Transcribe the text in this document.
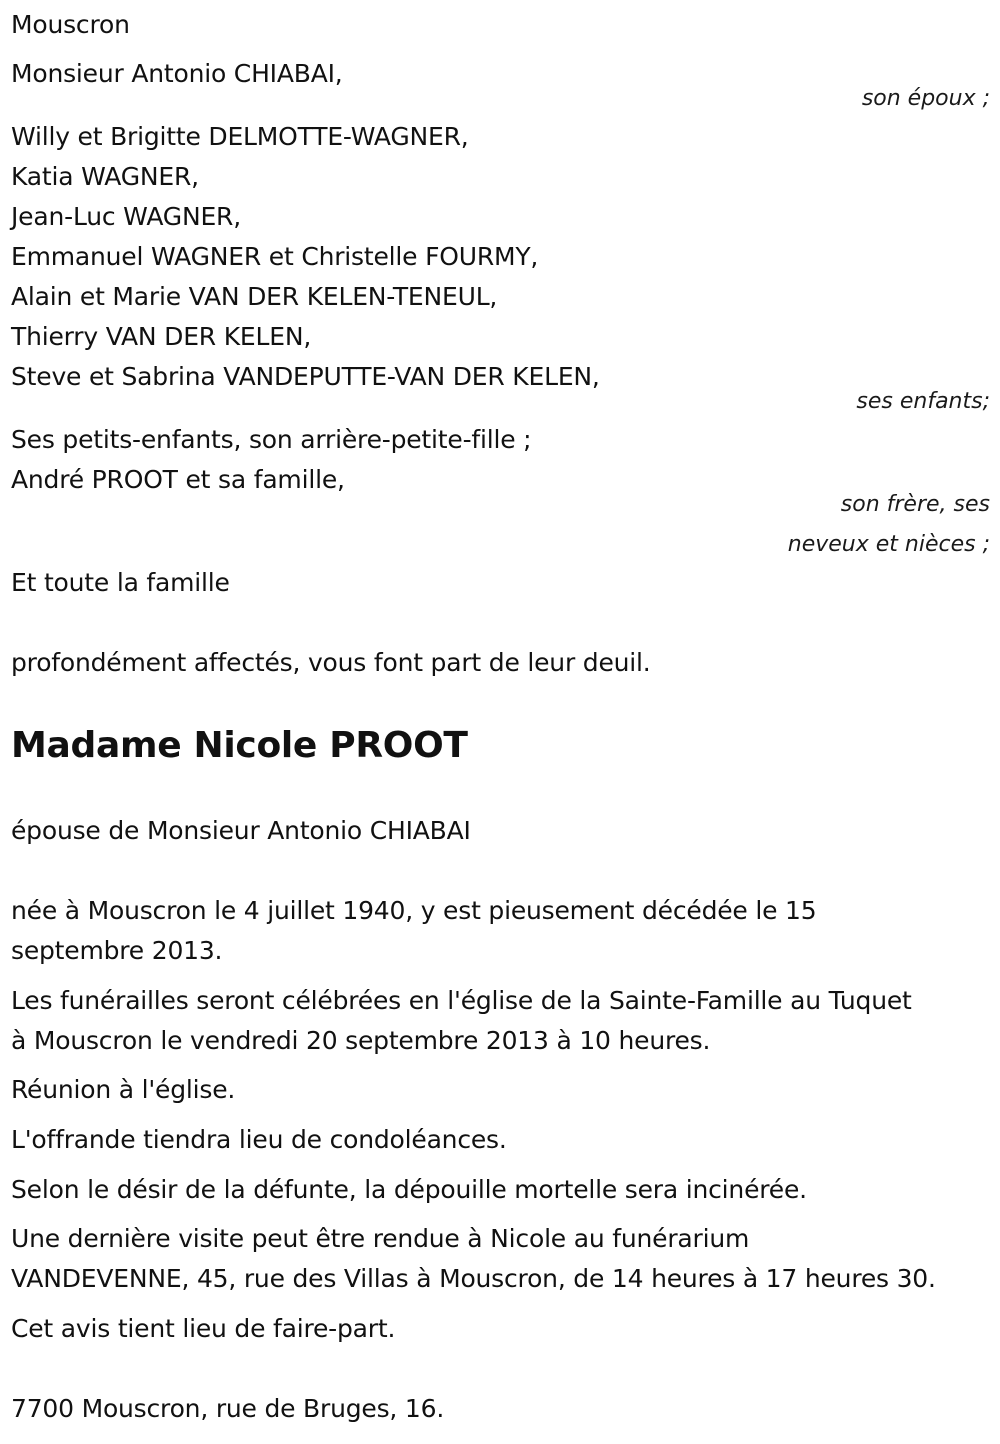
Mouscron
Monsieur Antonio CHIABAI,
son époux ;
Willy et Brigitte DELMOTTE-WAGNER,
Katia WAGNER,
Jean-Luc WAGNER,
Emmanuel WAGNER et Christelle FOURMY,
Alain et Marie VAN DER KELEN-TENEUL,
Thierry VAN DER KELEN,
Steve et Sabrina VANDEPUTTE-VAN DER KELEN,
ses enfants;
Ses petits-enfants, son arrière-petite-fille ;
André PROOT et sa famille,
son frère, ses
neveux et nièces ;
Et toute la famille
profondément affectés, vous font part de leur deuil.
Madame Nicole PROOT
épouse de Monsieur Antonio CHIABAI
née à Mouscron le 4 juillet 1940, y est pieusement décédée le 15
septembre 2013.
Les funérailles seront célébrées en l'église de la Sainte-Famille au Tuquet
à Mouscron le vendredi 20 septembre 2013 à 10 heures.
Réunion à l'église.
L'offrande tiendra lieu de condoléances.
Selon le désir de la défunte, la dépouille mortelle sera incinérée.
Une dernière visite peut être rendue à Nicole au funérarium
VANDEVENNE, 45, rue des Villas à Mouscron, de 14 heures à 17 heures 30.
Cet avis tient lieu de faire-part.
7700 Mouscron, rue de Bruges, 16.
